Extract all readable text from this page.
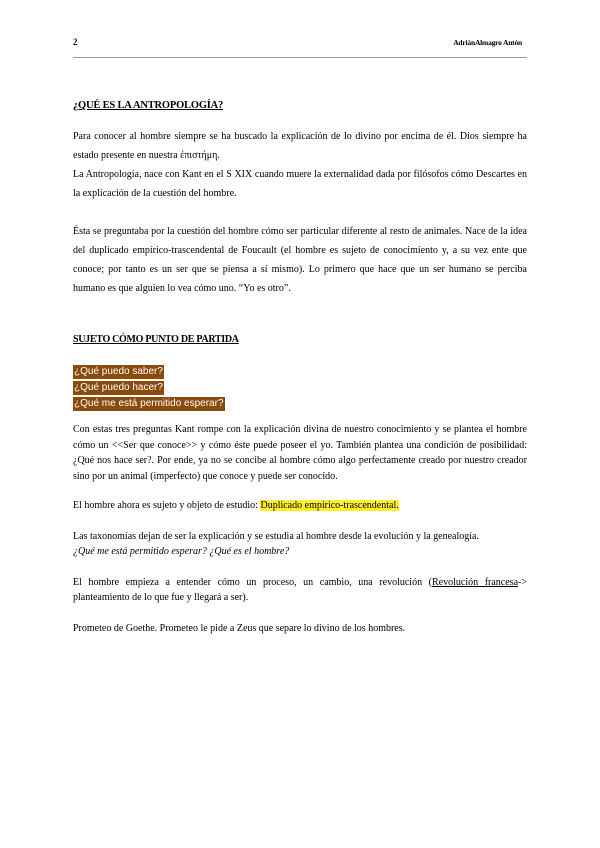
2	AdriánAlmagro Antón

¿QUÉ ES LA ANTROPOLOGÍA?

Para conocer al hombre siempre se ha buscado la explicación de lo divino por encima de él. Dios siempre ha estado presente en nuestra ἐπιστήμη.

La Antropología, nace con Kant en el S XIX cuando muere la externalidad dada por filósofos cómo Descartes en la explicación de la cuestión del hombre.

Ésta se preguntaba por la cuestión del hombre cómo ser particular diferente al resto de animales. Nace de la idea del duplicado empírico-trascendental de Foucault (el hombre es sujeto de conocimiento y, a su vez ente que conoce; por tanto es un ser que se piensa a sí mismo). Lo primero que hace que un ser humano se perciba humano es que alguien lo vea cómo uno. “Yo es otro”.

SUJETO CÓMO PUNTO DE PARTIDA

¿Qué puedo saber?
¿Qué puedo hacer?
¿Qué me está permitido esperar?

Con estas tres preguntas Kant rompe con la explicación divina de nuestro conocimiento y se plantea el hombre cómo un <<Ser que conoce>> y cómo éste puede poseer el yo. También plantea una condición de posibilidad: ¿Qué nos hace ser?. Por ende, ya no se concibe al hombre cómo algo perfectamente creado por nuestro creador sino por un animal (imperfecto) que conoce y puede ser conocido.

El hombre ahora es sujeto y objeto de estudio: Duplicado empírico-trascendental.

Las taxonomías dejan de ser la explicación y se estudia al hombre desde la evolución y la genealogía.

¿Qué me está permitido esperar? ¿Qué es el hombre?

El hombre empieza a entender cómo un proceso, un cambio, una revolución (Revolución francesa-> planteamiento de lo que fue y llegará a ser).

Prometeo de Goethe. Prometeo le pide a Zeus que separe lo divino de los hombres.
